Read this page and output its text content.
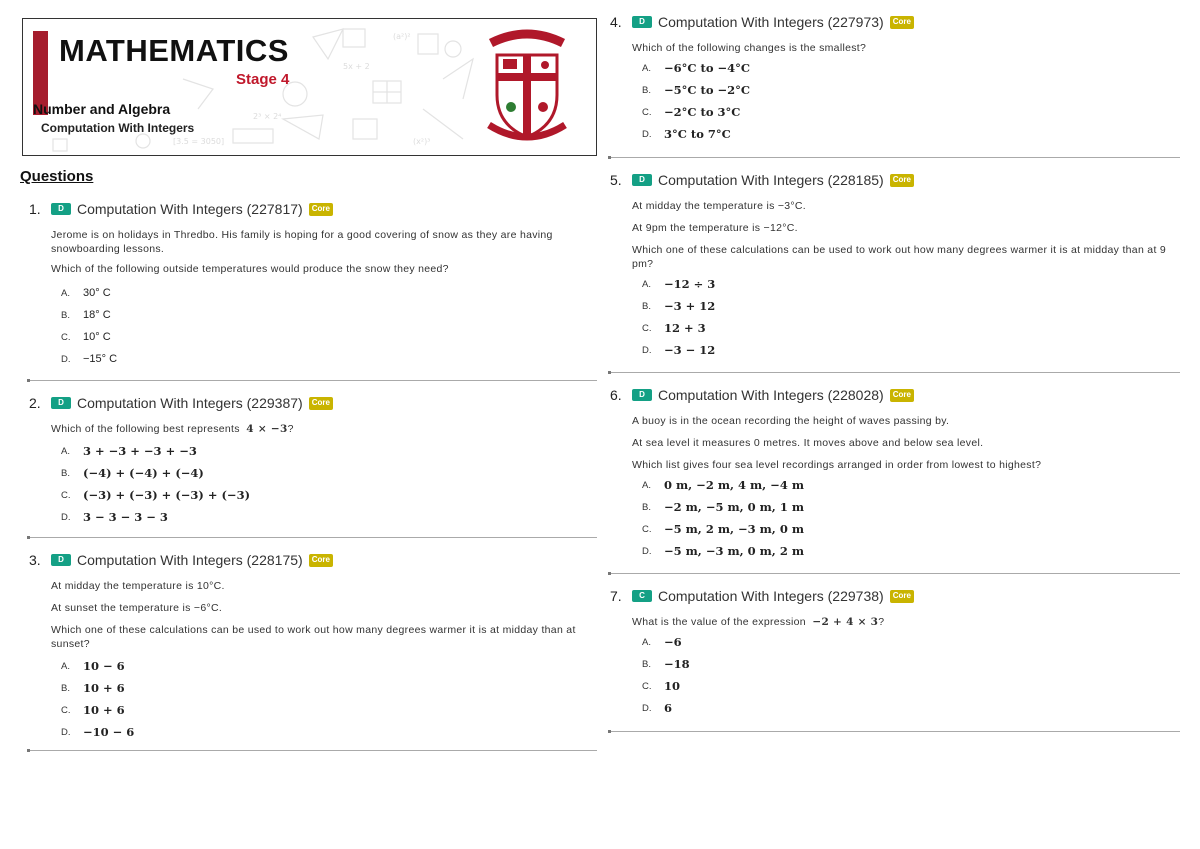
(a²)²
2³ × 2⁴
(x²)³
[3.5 = 3050]
5x + 2
MATHEMATICS
Stage 4
Number and Algebra
Computation With Integers
Questions
1.	D Computation With Integers (227817)	Core

Jerome is on holidays in Thredbo. His family is hoping for a good covering of snow as they are having snowboarding lessons.

Which of the following outside temperatures would produce the snow they need?

A.	30° C
B.	18° C
C.	10° C
D.	−15° C
2.	D Computation With Integers (229387)	Core

Which of the following best represents 4 × −3?

A.	3 + −3 + −3 + −3
B.	(−4) + (−4) + (−4)
C.	(−3) + (−3) + (−3) + (−3)
D.	3 − 3 − 3 − 3
3.	D Computation With Integers (228175)	Core

At midday the temperature is 10°C.

At sunset the temperature is −6°C.

Which one of these calculations can be used to work out how many degrees warmer it is at midday than at sunset?

A.	10 − 6
B.	10 + 6
C.	10 + 6
D.	−10 − 6
4.	D Computation With Integers (227973)	Core

Which of the following changes is the smallest?

A.	−6°C to −4°C
B.	−5°C to −2°C
C.	−2°C to 3°C
D.	3°C to 7°C
5.	D Computation With Integers (228185)	Core

At midday the temperature is −3°C.

At 9pm the temperature is −12°C.

Which one of these calculations can be used to work out how many degrees warmer it is at midday than at 9 pm?

A.	−12 ÷ 3
B.	−3 + 12
C.	12 + 3
D.	−3 − 12
6.	D Computation With Integers (228028)	Core

A buoy is in the ocean recording the height of waves passing by.

At sea level it measures 0 metres. It moves above and below sea level.

Which list gives four sea level recordings arranged in order from lowest to highest?

A.	0 m, −2 m, 4 m, −4 m
B.	−2 m, −5 m, 0 m, 1 m
C.	−5 m, 2 m, −3 m, 0 m
D.	−5 m, −3 m, 0 m, 2 m
7.	C Computation With Integers (229738)	Core

What is the value of the expression −2 + 4 × 3?

A.	−6
B.	−18
C.	10
D.	6
